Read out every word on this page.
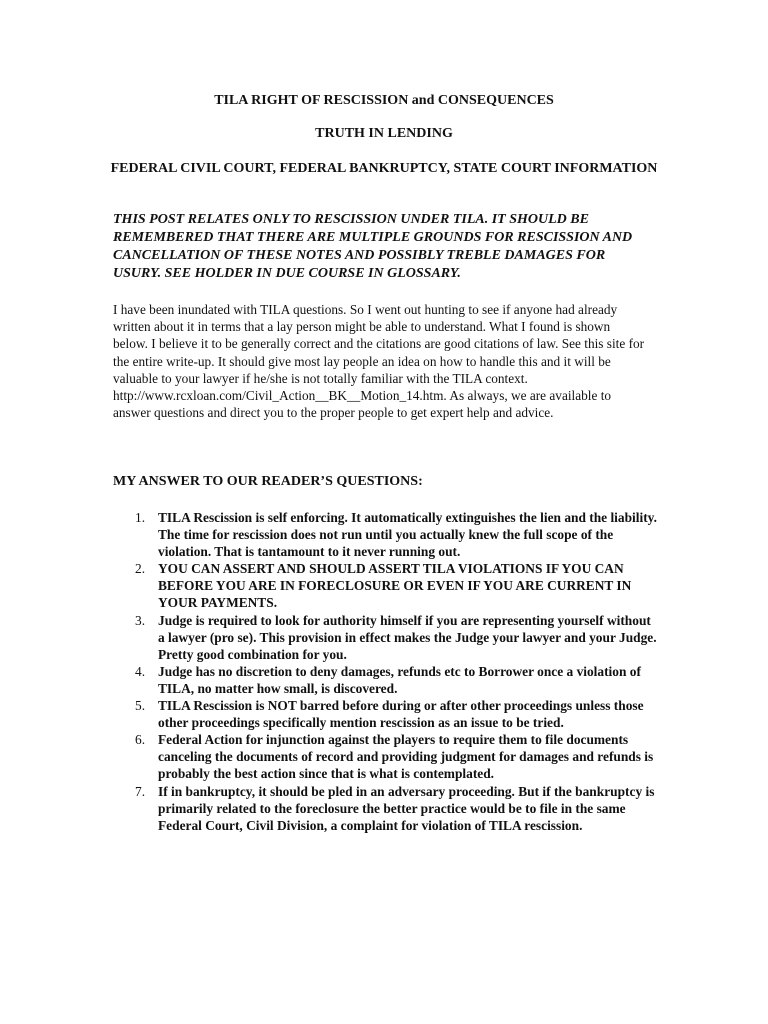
TILA RIGHT OF RESCISSION and CONSEQUENCES
TRUTH IN LENDING
FEDERAL CIVIL COURT, FEDERAL BANKRUPTCY, STATE COURT INFORMATION
THIS POST RELATES ONLY TO RESCISSION UNDER TILA. IT SHOULD BE REMEMBERED THAT THERE ARE MULTIPLE GROUNDS FOR RESCISSION AND CANCELLATION OF THESE NOTES AND POSSIBLY TREBLE DAMAGES FOR USURY. SEE HOLDER IN DUE COURSE IN GLOSSARY.
I have been inundated with TILA questions. So I went out hunting to see if anyone had already written about it in terms that a lay person might be able to understand. What I found is shown below. I believe it to be generally correct and the citations are good citations of law. See this site for the entire write-up. It should give most lay people an idea on how to handle this and it will be valuable to your lawyer if he/she is not totally familiar with the TILA context.
http://www.rcxloan.com/Civil_Action__BK__Motion_14.htm. As always, we are available to answer questions and direct you to the proper people to get expert help and advice.
MY ANSWER TO OUR READER’S QUESTIONS:
1. TILA Rescission is self enforcing. It automatically extinguishes the lien and the liability. The time for rescission does not run until you actually knew the full scope of the violation. That is tantamount to it never running out.
2. YOU CAN ASSERT AND SHOULD ASSERT TILA VIOLATIONS IF YOU CAN BEFORE YOU ARE IN FORECLOSURE OR EVEN IF YOU ARE CURRENT IN YOUR PAYMENTS.
3. Judge is required to look for authority himself if you are representing yourself without a lawyer (pro se). This provision in effect makes the Judge your lawyer and your Judge. Pretty good combination for you.
4. Judge has no discretion to deny damages, refunds etc to Borrower once a violation of TILA, no matter how small, is discovered.
5. TILA Rescission is NOT barred before during or after other proceedings unless those other proceedings specifically mention rescission as an issue to be tried.
6. Federal Action for injunction against the players to require them to file documents canceling the documents of record and providing judgment for damages and refunds is probably the best action since that is what is contemplated.
7. If in bankruptcy, it should be pled in an adversary proceeding. But if the bankruptcy is primarily related to the foreclosure the better practice would be to file in the same Federal Court, Civil Division, a complaint for violation of TILA rescission.
